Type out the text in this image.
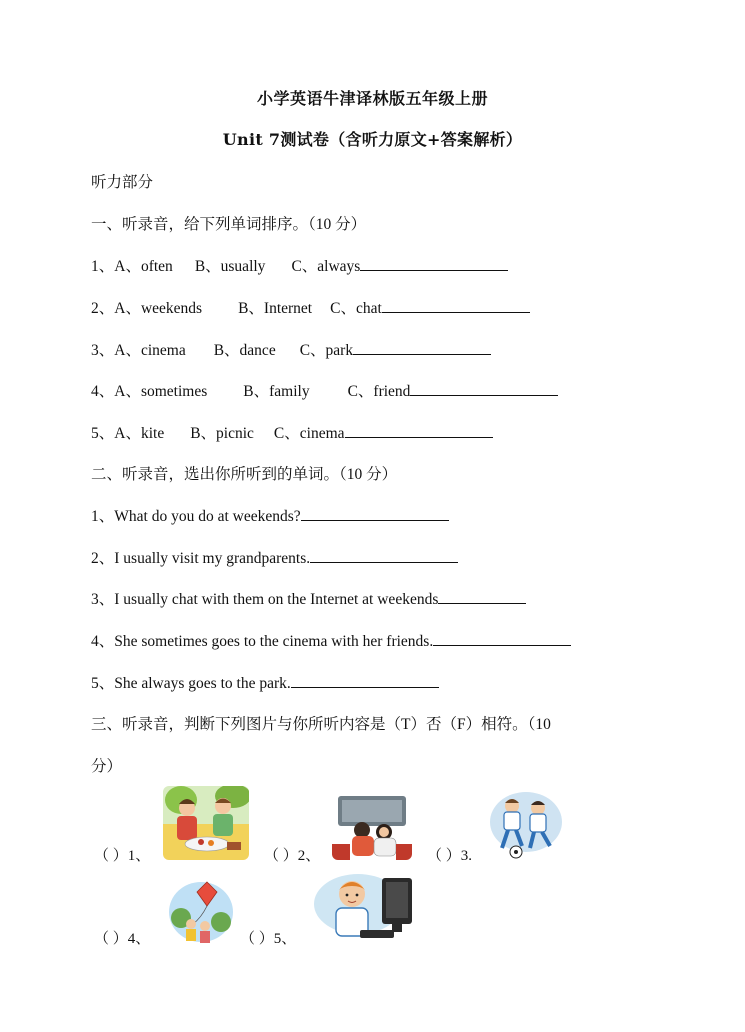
小学英语牛津译林版五年级上册
Unit 7测试卷（含听力原文+答案解析）
听力部分
一、听录音，给下列单词排序。（10 分）
1、A、often B、usually C、always
2、A、weekends B、Internet C、chat
3、A、cinema B、dance C、park
4、A、sometimes B、family C、friend
5、A、kite B、picnic C、cinema
二、听录音，选出你所听到的单词。（10 分）
1、What do you do at weekends?
2、I usually visit my grandparents.
3、I usually chat with them on the Internet at weekends
4、She sometimes goes to the cinema with her friends.
5、She always goes to the park.
三、听录音，判断下列图片与你所听内容是（T）否（F）相符。（10
分）
（ ）1、	（ ）2、	（ ）3.
（ ）4、	（ ）5、
